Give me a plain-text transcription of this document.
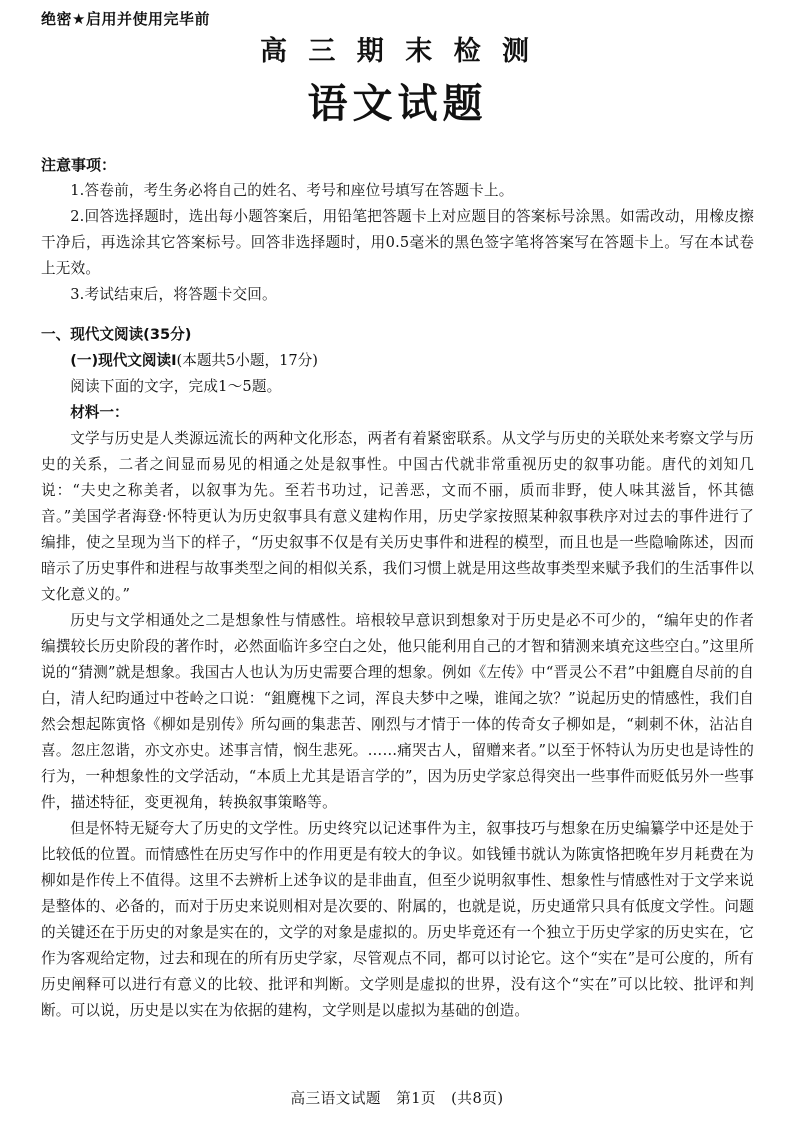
绝密★启用并使用完毕前
高 三 期 末 检 测
语文试题
注意事项：

1.答卷前，考生务必将自己的姓名、考号和座位号填写在答题卡上。

2.回答选择题时，选出每小题答案后，用铅笔把答题卡上对应题目的答案标号涂黑。如需改动，用橡皮擦干净后，再选涂其它答案标号。回答非选择题时，用0.5毫米的黑色签字笔将答案写在答题卡上。写在本试卷上无效。

3.考试结束后，将答题卡交回。

一、现代文阅读(35分)
(一)现代文阅读Ⅰ(本题共5小题，17分)

阅读下面的文字，完成1～5题。

材料一：

文学与历史是人类源远流长的两种文化形态，两者有着紧密联系。从文学与历史的关联处来考察文学与历史的关系，二者之间显而易见的相通之处是叙事性。中国古代就非常重视历史的叙事功能。唐代的刘知几说：“夫史之称美者，以叙事为先。至若书功过，记善恶，文而不丽，质而非野，使人味其滋旨，怀其德音。”美国学者海登·怀特更认为历史叙事具有意义建构作用，历史学家按照某种叙事秩序对过去的事件进行了编排，使之呈现为当下的样子，“历史叙事不仅是有关历史事件和进程的模型，而且也是一些隐喻陈述，因而暗示了历史事件和进程与故事类型之间的相似关系，我们习惯上就是用这些故事类型来赋予我们的生活事件以文化意义的。”

历史与文学相通处之二是想象性与情感性。培根较早意识到想象对于历史是必不可少的，“编年史的作者编撰较长历史阶段的著作时，必然面临许多空白之处，他只能利用自己的才智和猜测来填充这些空白。”这里所说的“猜测”就是想象。我国古人也认为历史需要合理的想象。例如《左传》中“晋灵公不君”中鉏麑自尽前的自白，清人纪昀通过中苍岭之口说：“鉏麑槐下之词，浑良夫梦中之噪，谁闻之欤？”说起历史的情感性，我们自然会想起陈寅恪《柳如是别传》所勾画的集悲苦、刚烈与才情于一体的传奇女子柳如是，“刺刺不休，沾沾自喜。忽庄忽谐，亦文亦史。述事言情，悯生悲死。……痛哭古人，留赠来者。”以至于怀特认为历史也是诗性的行为，一种想象性的文学活动，“本质上尤其是语言学的”，因为历史学家总得突出一些事件而贬低另外一些事件，描述特征，变更视角，转换叙事策略等。

但是怀特无疑夸大了历史的文学性。历史终究以记述事件为主，叙事技巧与想象在历史编纂学中还是处于比较低的位置。而情感性在历史写作中的作用更是有较大的争议。如钱锺书就认为陈寅恪把晚年岁月耗费在为柳如是作传上不值得。这里不去辨析上述争议的是非曲直，但至少说明叙事性、想象性与情感性对于文学来说是整体的、必备的，而对于历史来说则相对是次要的、附属的，也就是说，历史通常只具有低度文学性。问题的关键还在于历史的对象是实在的，文学的对象是虚拟的。历史毕竟还有一个独立于历史学家的历史实在，它作为客观给定物，过去和现在的所有历史学家，尽管观点不同，都可以讨论它。这个“实在”是可公度的，所有历史阐释可以进行有意义的比较、批评和判断。文学则是虚拟的世界，没有这个“实在”可以比较、批评和判断。可以说，历史是以实在为依据的建构，文学则是以虚拟为基础的创造。

高三语文试题　第1页　(共8页)
